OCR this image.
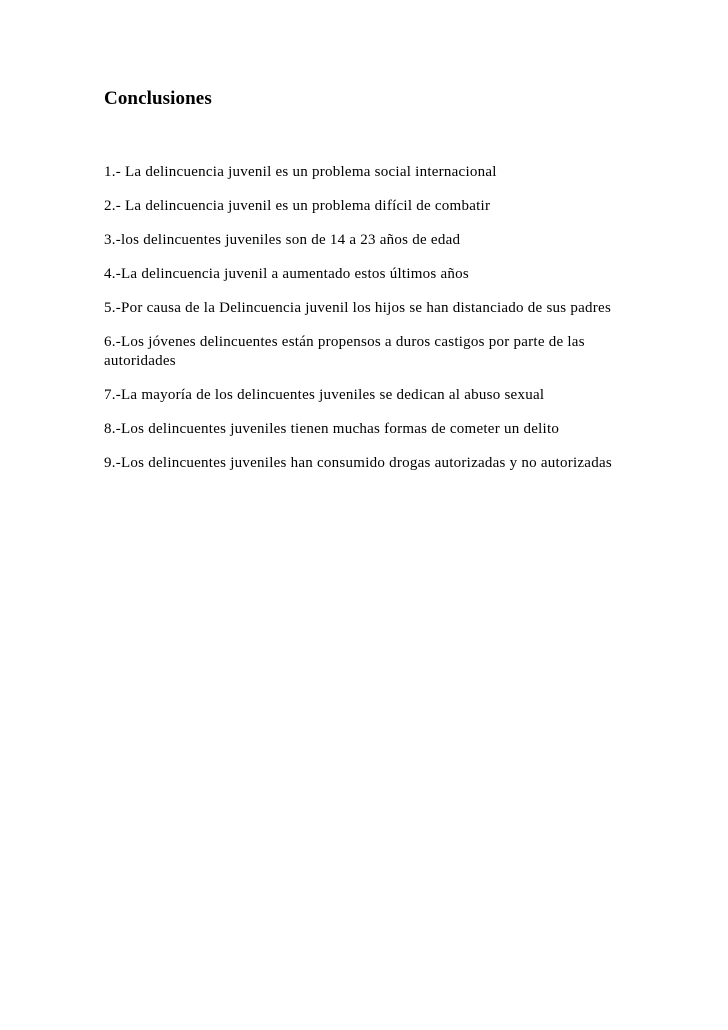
Conclusiones
1.- La delincuencia juvenil es un problema social internacional
2.- La delincuencia juvenil es un problema difícil de combatir
3.-los delincuentes juveniles son de 14 a 23 años de edad
4.-La delincuencia juvenil a aumentado estos últimos años
5.-Por causa de la Delincuencia juvenil los hijos se han distanciado de sus padres
6.-Los jóvenes delincuentes están propensos a duros castigos por parte de las autoridades
7.-La mayoría de los delincuentes juveniles se dedican al abuso sexual
8.-Los delincuentes juveniles tienen muchas formas de cometer un delito
9.-Los delincuentes juveniles han consumido drogas autorizadas y no autorizadas
